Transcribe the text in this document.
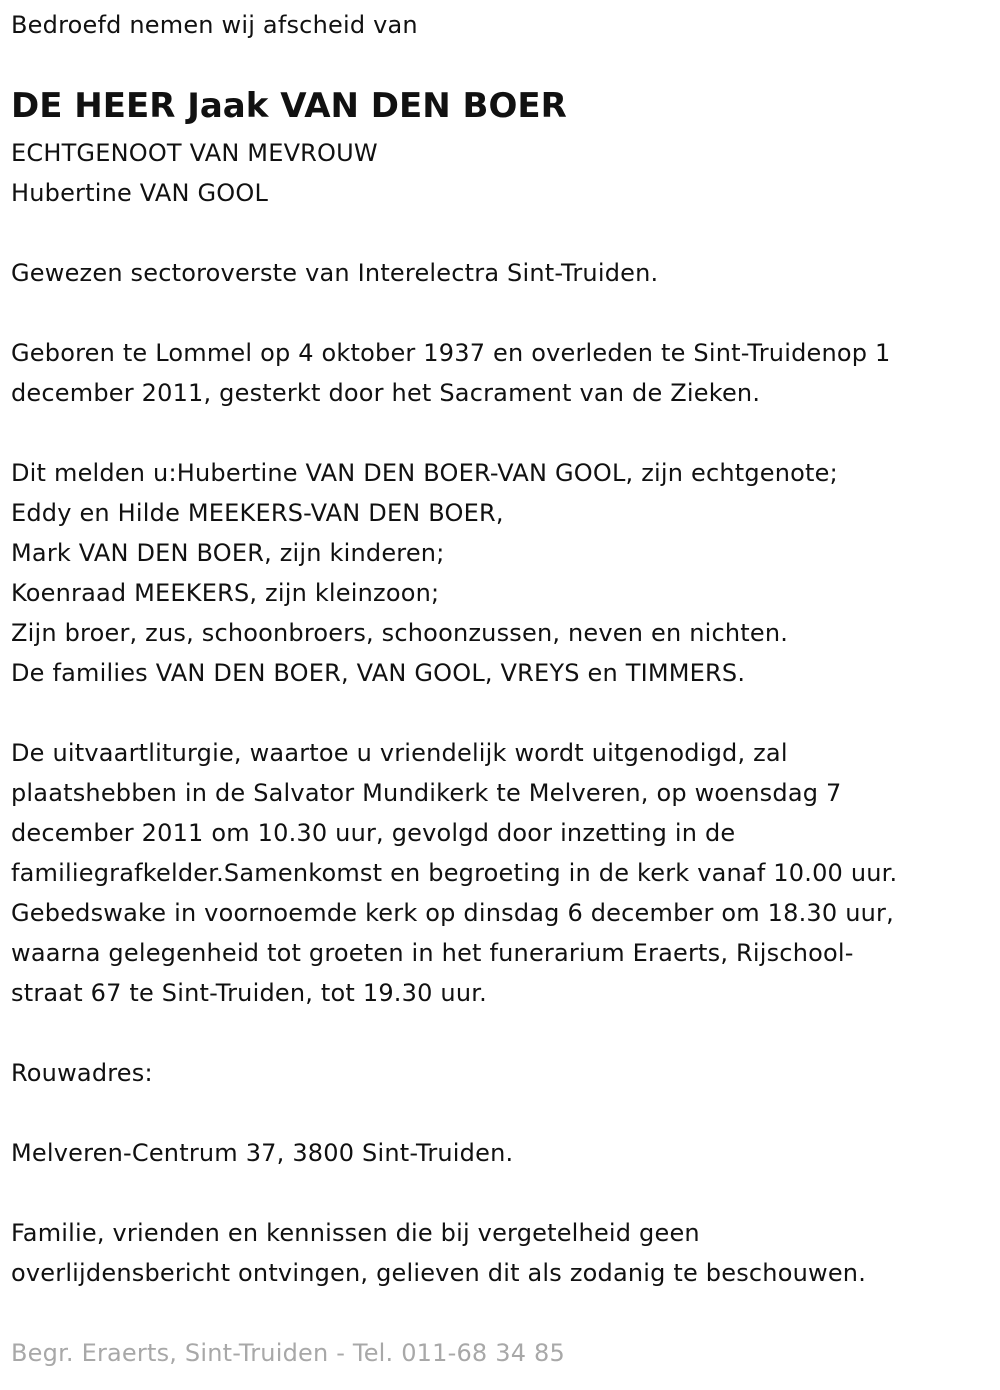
Bedroefd nemen wij afscheid van
DE HEER Jaak VAN DEN BOER
ECHTGENOOT VAN MEVROUW
Hubertine VAN GOOL
Gewezen sectoroverste van Interelectra Sint-Truiden.
Geboren te Lommel op 4 oktober 1937 en overleden te Sint-Truidenop 1
december 2011, gesterkt door het Sacrament van de Zieken.
Dit melden u:Hubertine VAN DEN BOER-VAN GOOL, zijn echtgenote;
Eddy en Hilde MEEKERS-VAN DEN BOER,
Mark VAN DEN BOER, zijn kinderen;
Koenraad MEEKERS, zijn kleinzoon;
Zijn broer, zus, schoonbroers, schoonzussen, neven en nichten.
De families VAN DEN BOER, VAN GOOL, VREYS en TIMMERS.
De uitvaartliturgie, waartoe u vriendelijk wordt uitgenodigd, zal
plaatshebben in de Salvator Mundikerk te Melveren, op woensdag 7
december 2011 om 10.30 uur, gevolgd door inzetting in de
familiegrafkelder.Samenkomst en begroeting in de kerk vanaf 10.00 uur.
Gebedswake in voornoemde kerk op dinsdag 6 december om 18.30 uur,
waarna gelegenheid tot groeten in het funerarium Eraerts, Rijschool-
straat 67 te Sint-Truiden, tot 19.30 uur.
Rouwadres:
Melveren-Centrum 37, 3800 Sint-Truiden.
Familie, vrienden en kennissen die bij vergetelheid geen
overlijdensbericht ontvingen, gelieven dit als zodanig te beschouwen.
Begr. Eraerts, Sint-Truiden - Tel. 011-68 34 85
